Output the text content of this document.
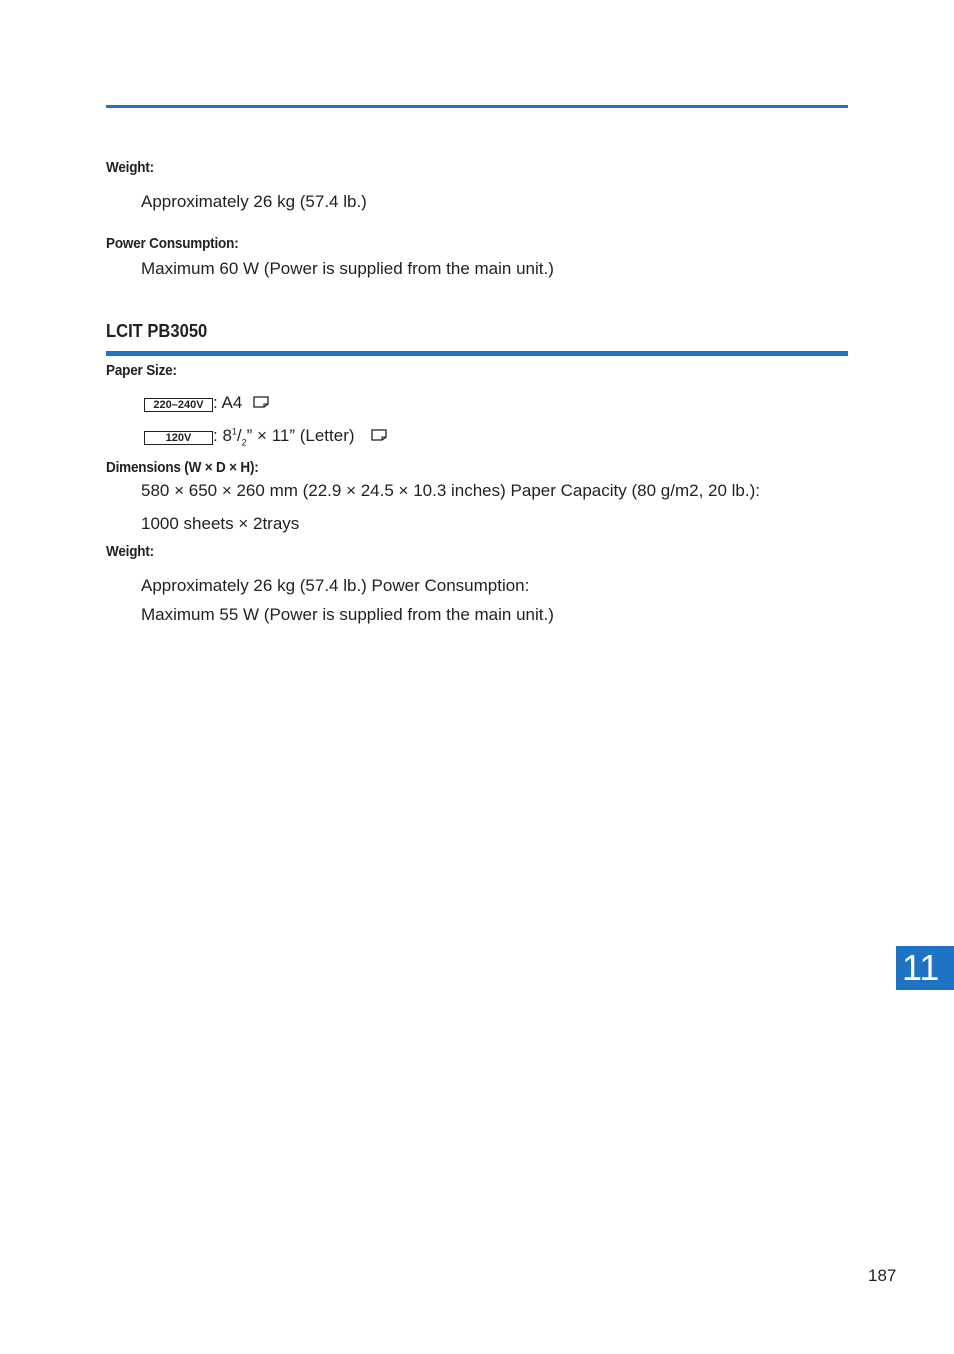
Weight:
Approximately 26 kg (57.4 lb.)
Power Consumption:
Maximum 60 W (Power is supplied from the main unit.)
LCIT PB3050
Paper Size:
220–240V : A4
120V : $8^1/_2$” × 11” (Letter)
Dimensions (W × D × H):
580 × 650 × 260 mm (22.9 × 24.5 × 10.3 inches) Paper Capacity (80 g/m2, 20 lb.):
1000 sheets × 2trays
Weight:
Approximately 26 kg (57.4 lb.) Power Consumption:
Maximum 55 W (Power is supplied from the main unit.)
11
187
